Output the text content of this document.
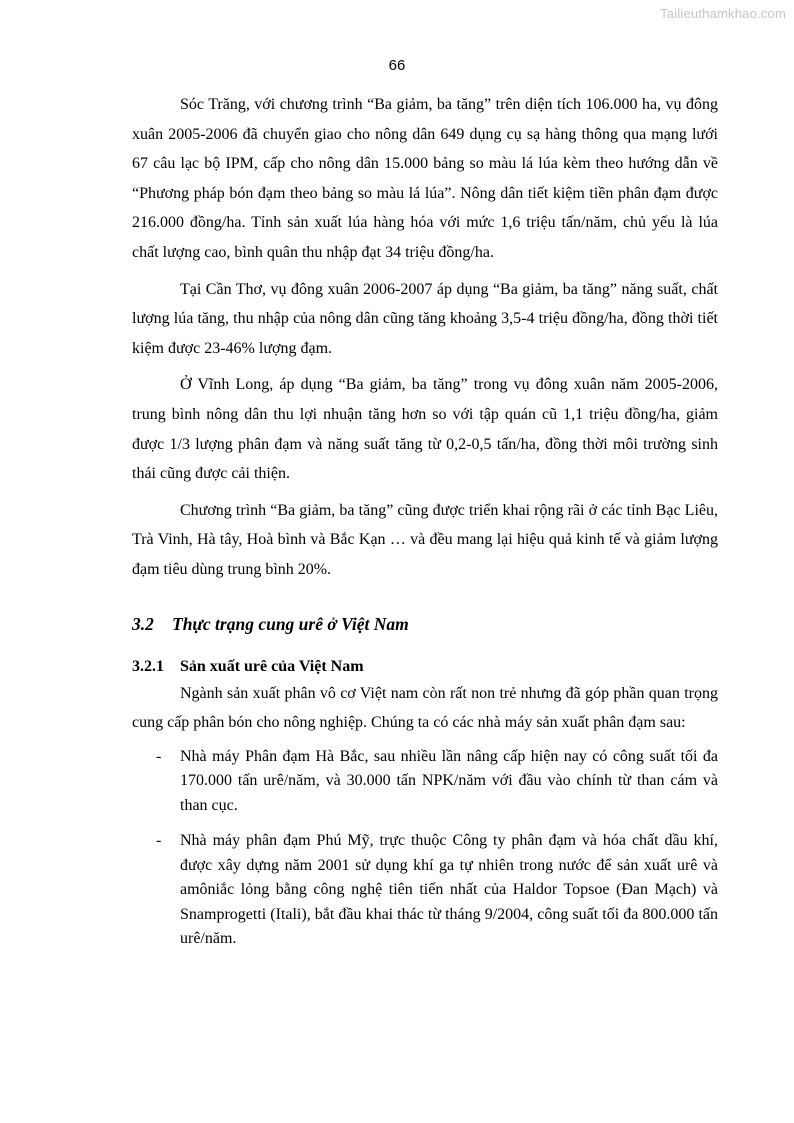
Tailieuthamkhao.com
66

Sóc Trăng, với chương trình “Ba giảm, ba tăng” trên diện tích 106.000 ha, vụ đông xuân 2005-2006 đã chuyển giao cho nông dân 649 dụng cụ sạ hàng thông qua mạng lưới 67 câu lạc bộ IPM, cấp cho nông dân 15.000 bảng so màu lá lúa kèm theo hướng dẫn về “Phương pháp bón đạm theo bảng so màu lá lúa”. Nông dân tiết kiệm tiền phân đạm được 216.000 đồng/ha. Tỉnh sản xuất lúa hàng hóa với mức 1,6 triệu tấn/năm, chủ yếu là lúa chất lượng cao, bình quân thu nhập đạt 34 triệu đồng/ha.

Tại Cần Thơ, vụ đông xuân 2006-2007 áp dụng “Ba giảm, ba tăng” năng suất, chất lượng lúa tăng, thu nhập của nông dân cũng tăng khoảng 3,5-4 triệu đồng/ha, đồng thời tiết kiệm được 23-46% lượng đạm.

Ở Vĩnh Long, áp dụng “Ba giảm, ba tăng” trong vụ đông xuân năm 2005-2006, trung bình nông dân thu lợi nhuận tăng hơn so với tập quán cũ 1,1 triệu đồng/ha, giảm được 1/3 lượng phân đạm và năng suất tăng từ 0,2-0,5 tấn/ha, đồng thời môi trường sinh thái cũng được cải thiện.

Chương trình “Ba giảm, ba tăng” cũng được triển khai rộng rãi ở các tỉnh Bạc Liêu, Trà Vinh, Hà tây, Hoà bình và Bắc Kạn … và đều mang lại hiệu quả kinh tế và giảm lượng đạm tiêu dùng trung bình 20%.

3.2	Thực trạng cung urê ở Việt Nam
3.2.1	Sản xuất urê của Việt Nam

Ngành sản xuất phân vô cơ Việt nam còn rất non trẻ nhưng đã góp phần quan trọng cung cấp phân bón cho nông nghiệp. Chúng ta có các nhà máy sản xuất phân đạm sau:

-	Nhà máy Phân đạm Hà Bắc, sau nhiều lần nâng cấp hiện nay có công suất tối đa 170.000 tấn urê/năm, và 30.000 tấn NPK/năm với đầu vào chính từ than cám và than cục.
-	Nhà máy phân đạm Phú Mỹ, trực thuộc Công ty phân đạm và hóa chất dầu khí, được xây dựng năm 2001 sử dụng khí ga tự nhiên trong nước để sản xuất urê và amôniắc lỏng bằng công nghệ tiên tiến nhất của Haldor Topsoe (Đan Mạch) và Snamprogetti (Itali), bắt đầu khai thác từ tháng 9/2004, công suất tối đa 800.000 tấn urê/năm.
